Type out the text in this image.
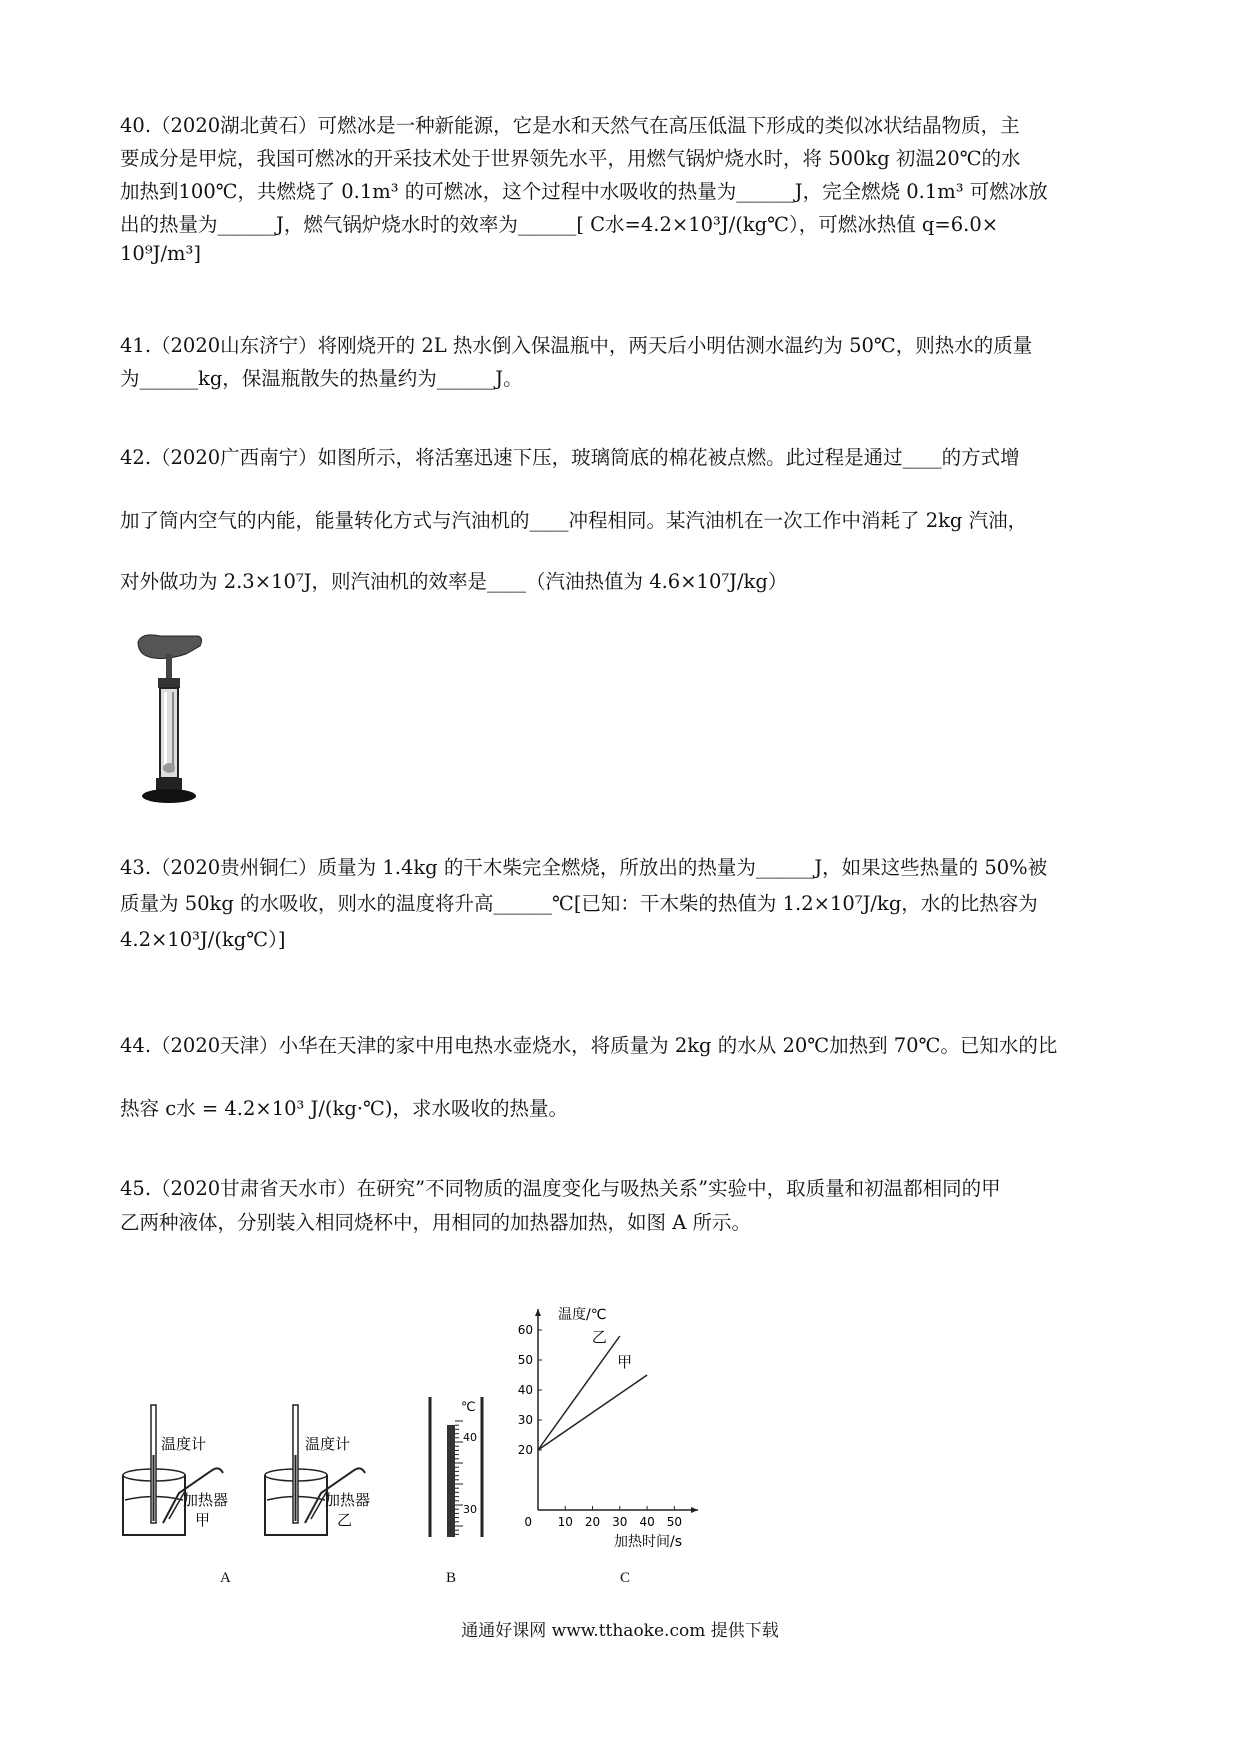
40.（2020湖北黄石）可燃冰是一种新能源，它是水和天然气在高压低温下形成的类似冰状结晶物质，主
要成分是甲烷，我国可燃冰的开采技术处于世界领先水平，用燃气锅炉烧水时，将 500kg 初温20℃的水
加热到100℃，共燃烧了 0.1m³ 的可燃冰，这个过程中水吸收的热量为______J，完全燃烧 0.1m³ 可燃冰放
出的热量为______J，燃气锅炉烧水时的效率为______[ C水=4.2×10³J/(kg℃），可燃冰热值 q=6.0×
10⁹J/m³]
41.（2020山东济宁）将刚烧开的 2L 热水倒入保温瓶中，两天后小明估测水温约为 50℃，则热水的质量
为______kg，保温瓶散失的热量约为______J。
42.（2020广西南宁）如图所示，将活塞迅速下压，玻璃筒底的棉花被点燃。此过程是通过____的方式增
加了筒内空气的内能，能量转化方式与汽油机的____冲程相同。某汽油机在一次工作中消耗了 2kg 汽油，
对外做功为 2.3×10⁷J，则汽油机的效率是____（汽油热值为 4.6×10⁷J/kg）
43.（2020贵州铜仁）质量为 1.4kg 的干木柴完全燃烧，所放出的热量为______J，如果这些热量的 50%被
质量为 50kg 的水吸收，则水的温度将升高______℃[已知：干木柴的热值为 1.2×10⁷J/kg，水的比热容为
4.2×10³J/(kg℃）]
44.（2020天津）小华在天津的家中用电热水壶烧水，将质量为 2kg 的水从 20℃加热到 70℃。已知水的比
热容 c水 = 4.2×10³ J/(kg·℃)，求水吸收的热量。
45.（2020甘肃省天水市）在研究”不同物质的温度变化与吸热关系”实验中，取质量和初温都相同的甲
乙两种液体，分别装入相同烧杯中，用相同的加热器加热，如图 A 所示。
温度计
加热器
甲
温度计
加热器
乙
A
℃
40
30
B
10 20 30 40 50
20
30
40
50
60
0
温度/℃
加热时间/s
乙
甲
C
通通好课网 www.tthaoke.com 提供下载
